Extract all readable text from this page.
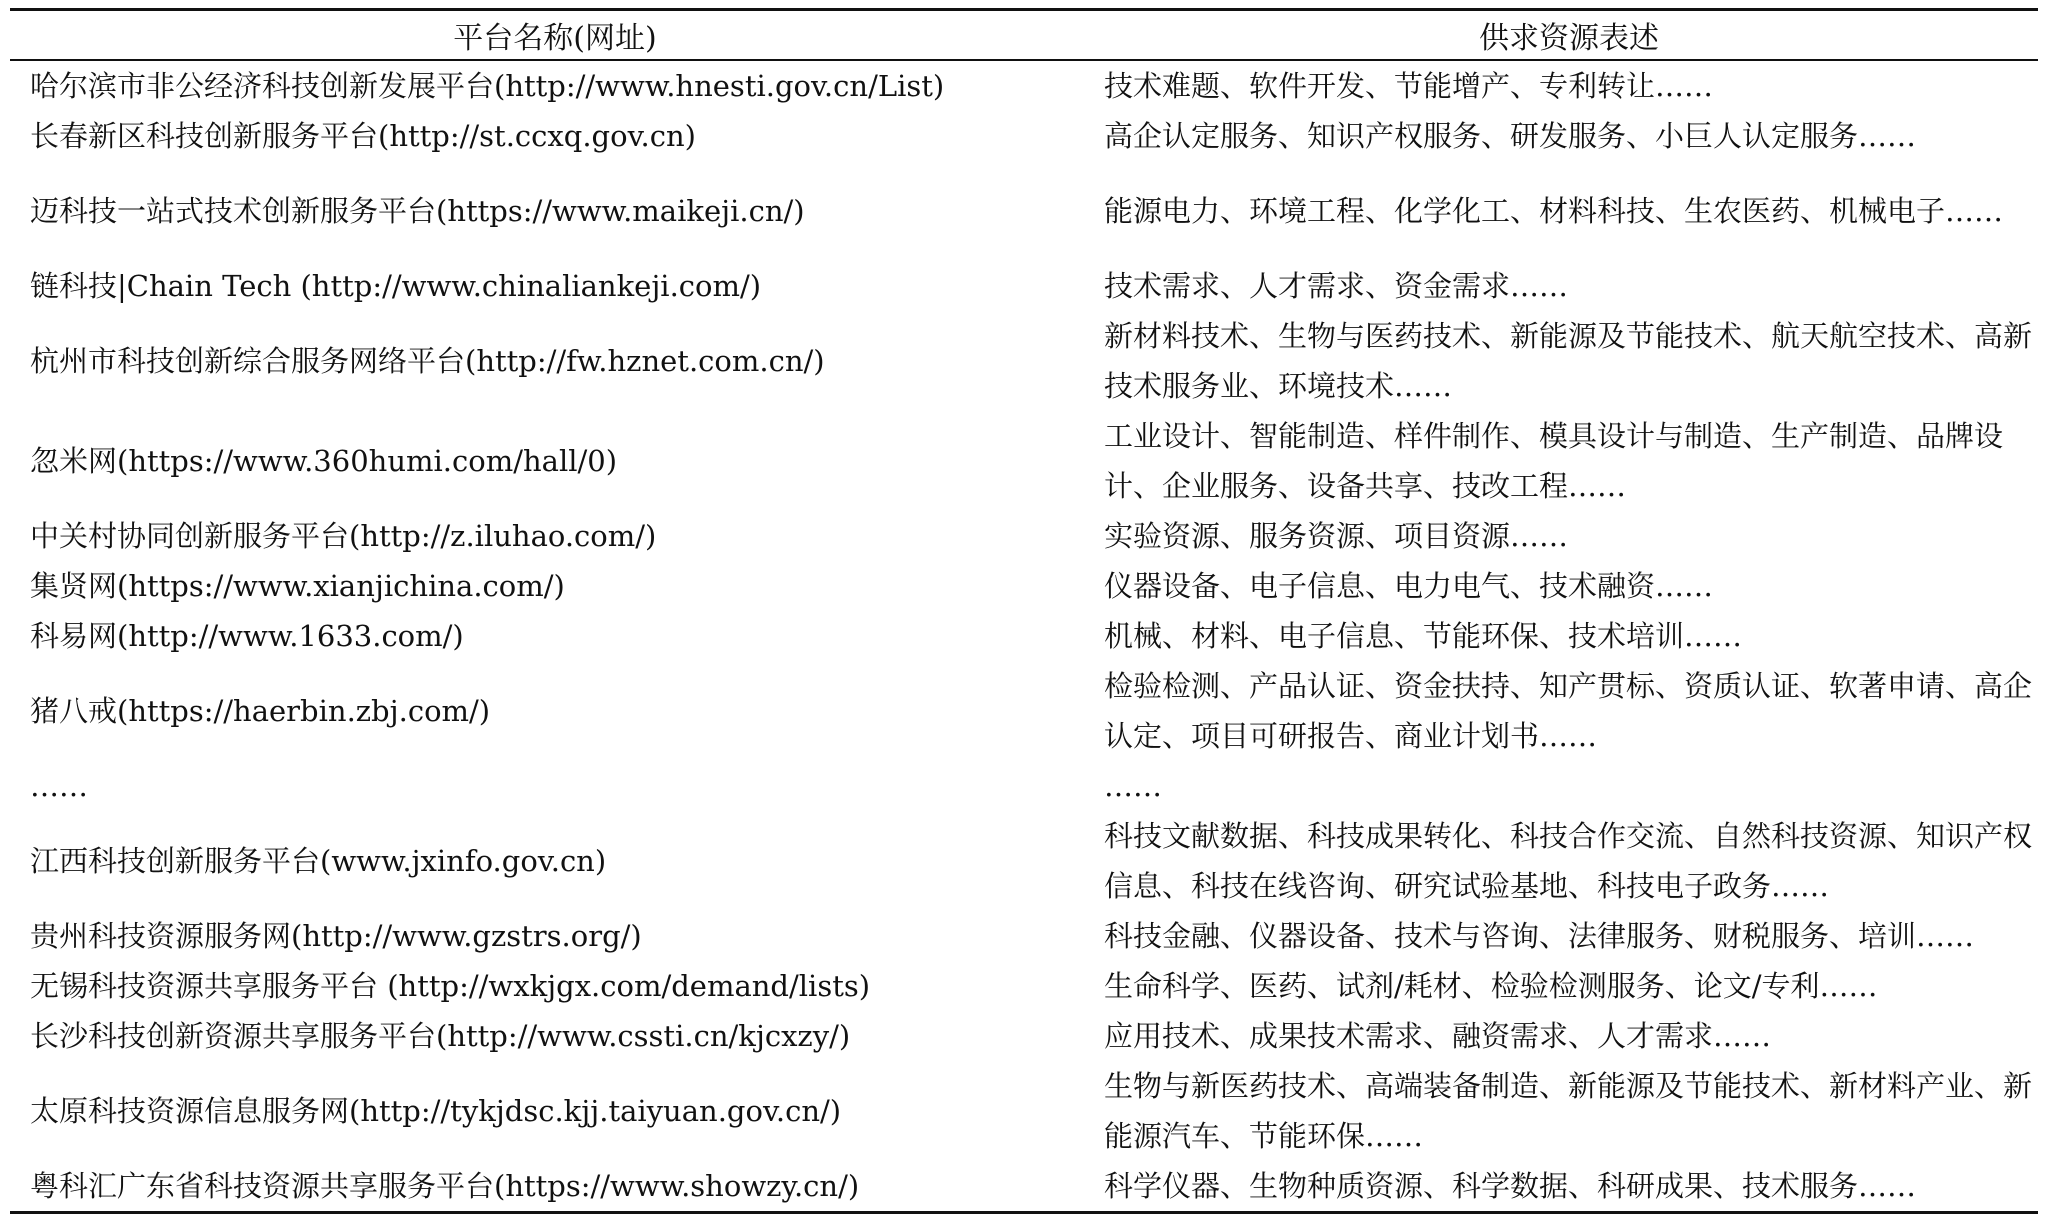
平台名称(网址)	供求资源表述
哈尔滨市非公经济科技创新发展平台(http://www.hnesti.gov.cn/List)	技术难题、软件开发、节能增产、专利转让……
长春新区科技创新服务平台(http://st.ccxq.gov.cn)	高企认定服务、知识产权服务、研发服务、小巨人认定服务……
迈科技一站式技术创新服务平台(https://www.maikeji.cn/)	能源电力、环境工程、化学化工、材料科技、生农医药、机械电子……
链科技|Chain Tech (http://www.chinaliankeji.com/)	技术需求、人才需求、资金需求……
杭州市科技创新综合服务网络平台(http://fw.hznet.com.cn/)	新材料技术、生物与医药技术、新能源及节能技术、航天航空技术、高新技术服务业、环境技术……
忽米网(https://www.360humi.com/hall/0)	工业设计、智能制造、样件制作、模具设计与制造、生产制造、品牌设计、企业服务、设备共享、技改工程……
中关村协同创新服务平台(http://z.iluhao.com/)	实验资源、服务资源、项目资源……
集贤网(https://www.xianjichina.com/)	仪器设备、电子信息、电力电气、技术融资……
科易网(http://www.1633.com/)	机械、材料、电子信息、节能环保、技术培训……
猪八戒(https://haerbin.zbj.com/)	检验检测、产品认证、资金扶持、知产贯标、资质认证、软著申请、高企认定、项目可研报告、商业计划书……
……	……
江西科技创新服务平台(www.jxinfo.gov.cn)	科技文献数据、科技成果转化、科技合作交流、自然科技资源、知识产权信息、科技在线咨询、研究试验基地、科技电子政务……
贵州科技资源服务网(http://www.gzstrs.org/)	科技金融、仪器设备、技术与咨询、法律服务、财税服务、培训……
无锡科技资源共享服务平台 (http://wxkjgx.com/demand/lists)	生命科学、医药、试剂/耗材、检验检测服务、论文/专利……
长沙科技创新资源共享服务平台(http://www.cssti.cn/kjcxzy/)	应用技术、成果技术需求、融资需求、人才需求……
太原科技资源信息服务网(http://tykjdsc.kjj.taiyuan.gov.cn/)	生物与新医药技术、高端装备制造、新能源及节能技术、新材料产业、新能源汽车、节能环保……
粤科汇广东省科技资源共享服务平台(https://www.showzy.cn/)	科学仪器、生物种质资源、科学数据、科研成果、技术服务……
